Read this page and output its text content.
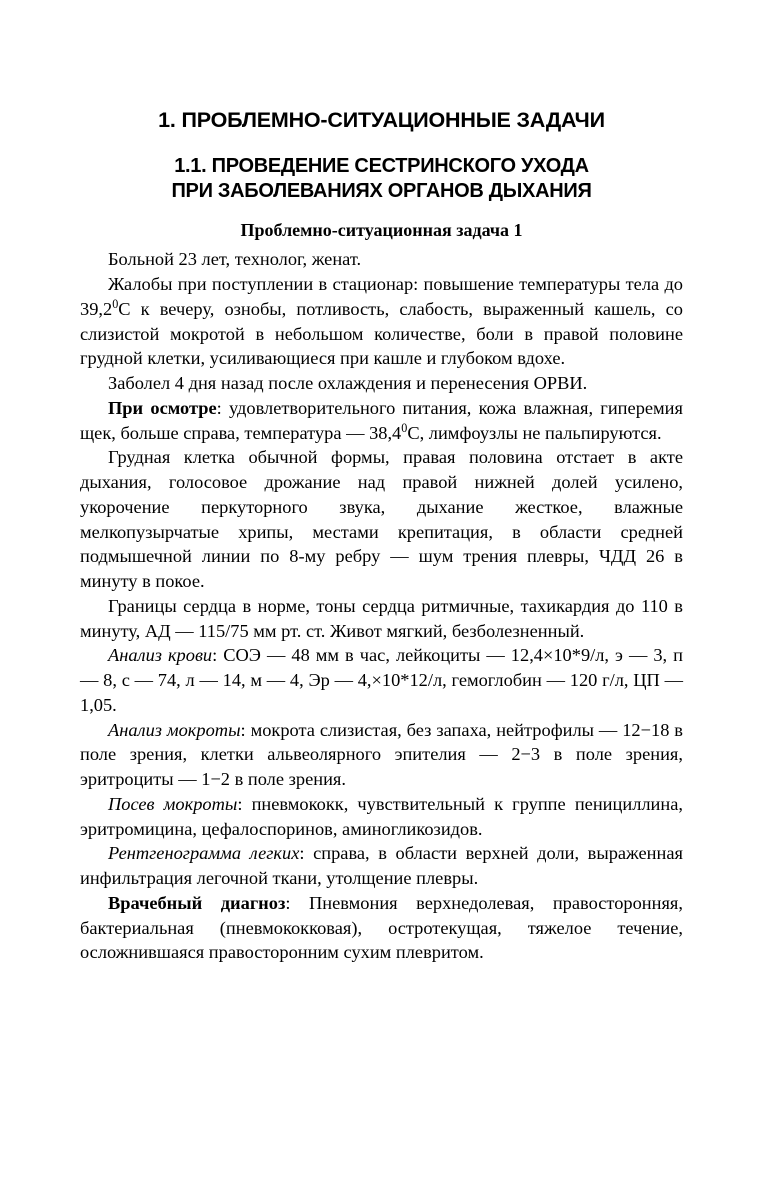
1. ПРОБЛЕМНО-СИТУАЦИОННЫЕ ЗАДАЧИ
1.1. ПРОВЕДЕНИЕ СЕСТРИНСКОГО УХОДА
ПРИ ЗАБОЛЕВАНИЯХ ОРГАНОВ ДЫХАНИЯ
Проблемно-ситуационная задача 1

Больной 23 лет, технолог, женат.

Жалобы при поступлении в стационар: повышение температуры тела до 39,2$^0$С к вечеру, ознобы, потливость, слабость, выраженный кашель, со слизистой мокротой в небольшом количестве, боли в правой половине грудной клетки, усиливающиеся при кашле и глубоком вдохе.

Заболел 4 дня назад после охлаждения и перенесения ОРВИ.

При осмотре: удовлетворительного питания, кожа влажная, гиперемия щек, больше справа, температура — 38,4$^0$С, лимфоузлы не пальпируются.

Грудная клетка обычной формы, правая половина отстает в акте дыхания, голосовое дрожание над правой нижней долей усилено, укорочение перкуторного звука, дыхание жесткое, влажные мелкопузырчатые хрипы, местами крепитация, в области средней подмышечной линии по 8-му ребру — шум трения плевры, ЧДД 26 в минуту в покое.

Границы сердца в норме, тоны сердца ритмичные, тахикардия до 110 в минуту, АД — 115/75 мм рт. ст. Живот мягкий, безболезненный.

Анализ крови: СОЭ — 48 мм в час, лейкоциты — 12,4×10*9/л, э — 3, п — 8, с — 74, л — 14, м — 4, Эр — 4,×10*12/л, гемоглобин — 120 г/л, ЦП — 1,05.

Анализ мокроты: мокрота слизистая, без запаха, нейтрофилы — 12−18 в поле зрения, клетки альвеолярного эпителия — 2−3 в поле зрения, эритроциты — 1−2 в поле зрения.

Посев мокроты: пневмококк, чувствительный к группе пенициллина, эритромицина, цефалоспоринов, аминогликозидов.

Рентгенограмма легких: справа, в области верхней доли, выраженная инфильтрация легочной ткани, утолщение плевры.

Врачебный диагноз: Пневмония верхнедолевая, правосторонняя, бактериальная (пневмококковая), остротекущая, тяжелое течение, осложнившаяся правосторонним сухим плевритом.
